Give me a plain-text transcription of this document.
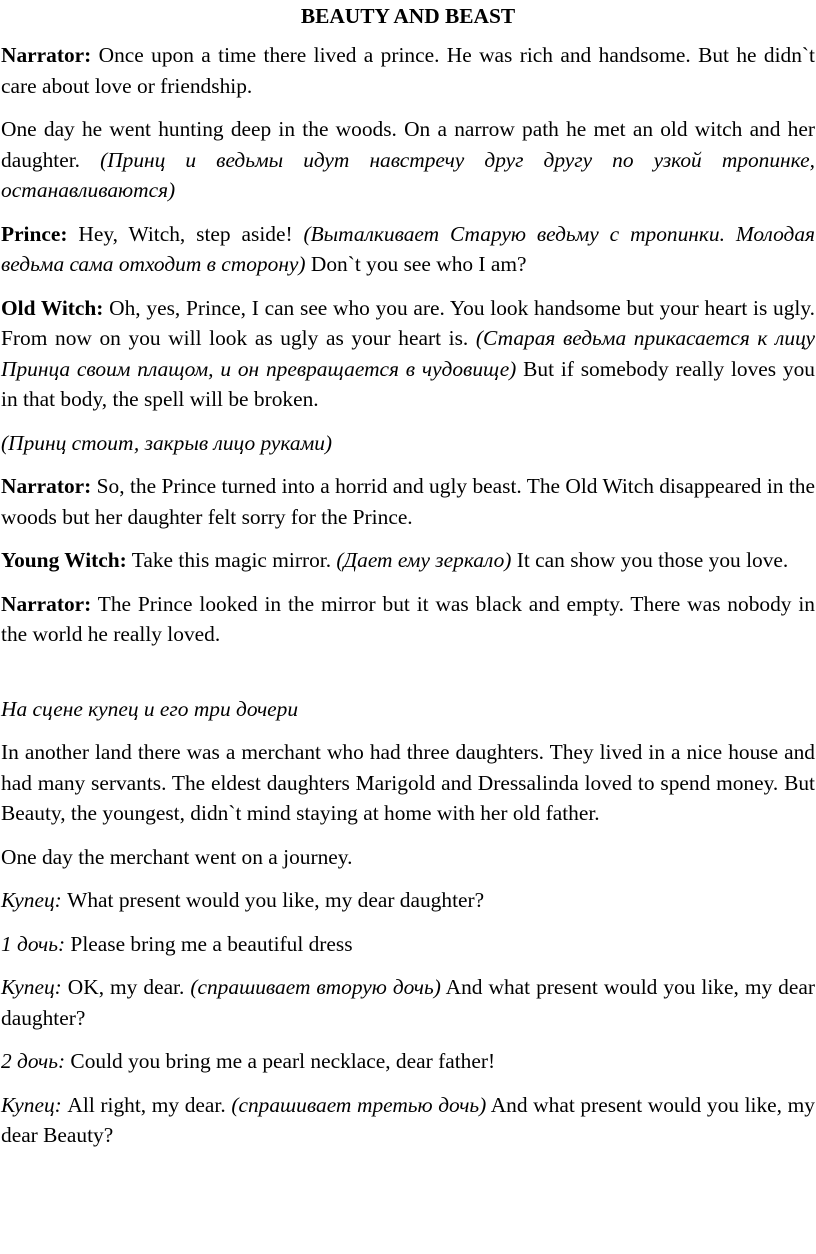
BEAUTY AND BEAST

Narrator: Once upon a time there lived a prince. He was rich and handsome. But he didn`t care about love or friendship.

One day he went hunting deep in the woods. On a narrow path he met an old witch and her daughter. (Принц и ведьмы идут навстречу друг другу по узкой тропинке, останавливаются)

Prince: Hey, Witch, step aside! (Выталкивает Старую ведьму с тропинки. Молодая ведьма сама отходит в сторону) Don`t you see who I am?

Old Witch: Oh, yes, Prince, I can see who you are. You look handsome but your heart is ugly. From now on you will look as ugly as your heart is. (Старая ведьма прикасается к лицу Принца своим плащом, и он превращается в чудовище) But if somebody really loves you in that body, the spell will be broken.

(Принц стоит, закрыв лицо руками)

Narrator: So, the Prince turned into a horrid and ugly beast. The Old Witch disappeared in the woods but her daughter felt sorry for the Prince.

Young Witch: Take this magic mirror. (Дает ему зеркало) It can show you those you love.

Narrator: The Prince looked in the mirror but it was black and empty. There was nobody in the world he really loved.

На сцене купец и его три дочери

In another land there was a merchant who had three daughters. They lived in a nice house and had many servants. The eldest daughters Marigold and Dressalinda loved to spend money. But Beauty, the youngest, didn`t mind staying at home with her old father.

One day the merchant went on a journey.

Купец: What present would you like, my dear daughter?

1 дочь: Please bring me a beautiful dress

Купец: OK, my dear. (спрашивает вторую дочь) And what present would you like, my dear daughter?

2 дочь: Could you bring me a pearl necklace, dear father!

Купец: All right, my dear. (спрашивает третью дочь) And what present would you like, my dear Beauty?
